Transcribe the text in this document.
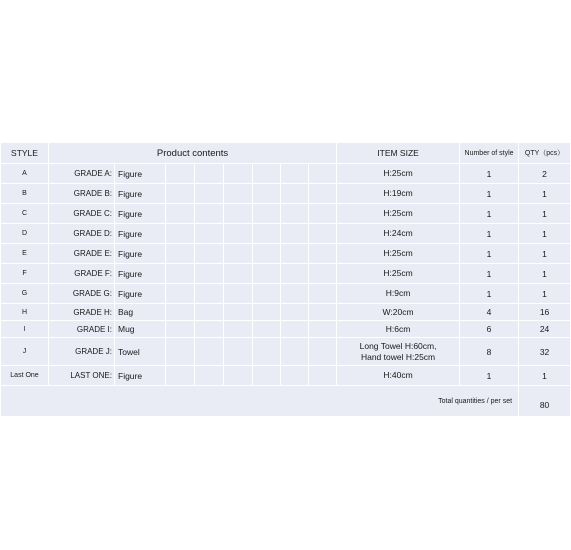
STYLE	Product contents								ITEM SIZE	Number of style	QTY（pcs）
A	GRADE A:	Figure							H:25cm	1	2
B	GRADE B:	Figure							H:19cm	1	1
C	GRADE C:	Figure							H:25cm	1	1
D	GRADE D:	Figure							H:24cm	1	1
E	GRADE E:	Figure							H:25cm	1	1
F	GRADE F:	Figure							H:25cm	1	1
G	GRADE G:	Figure							H:9cm	1	1
H	GRADE H:	Bag							W:20cm	4	16
I	GRADE I:	Mug							H:6cm	6	24
J	GRADE J:	Towel							Long Towel H:60cm,
Hand towel H:25cm	8	32
Last One	LAST ONE:	Figure							H:40cm	1	1
Total quantities / per set											80
